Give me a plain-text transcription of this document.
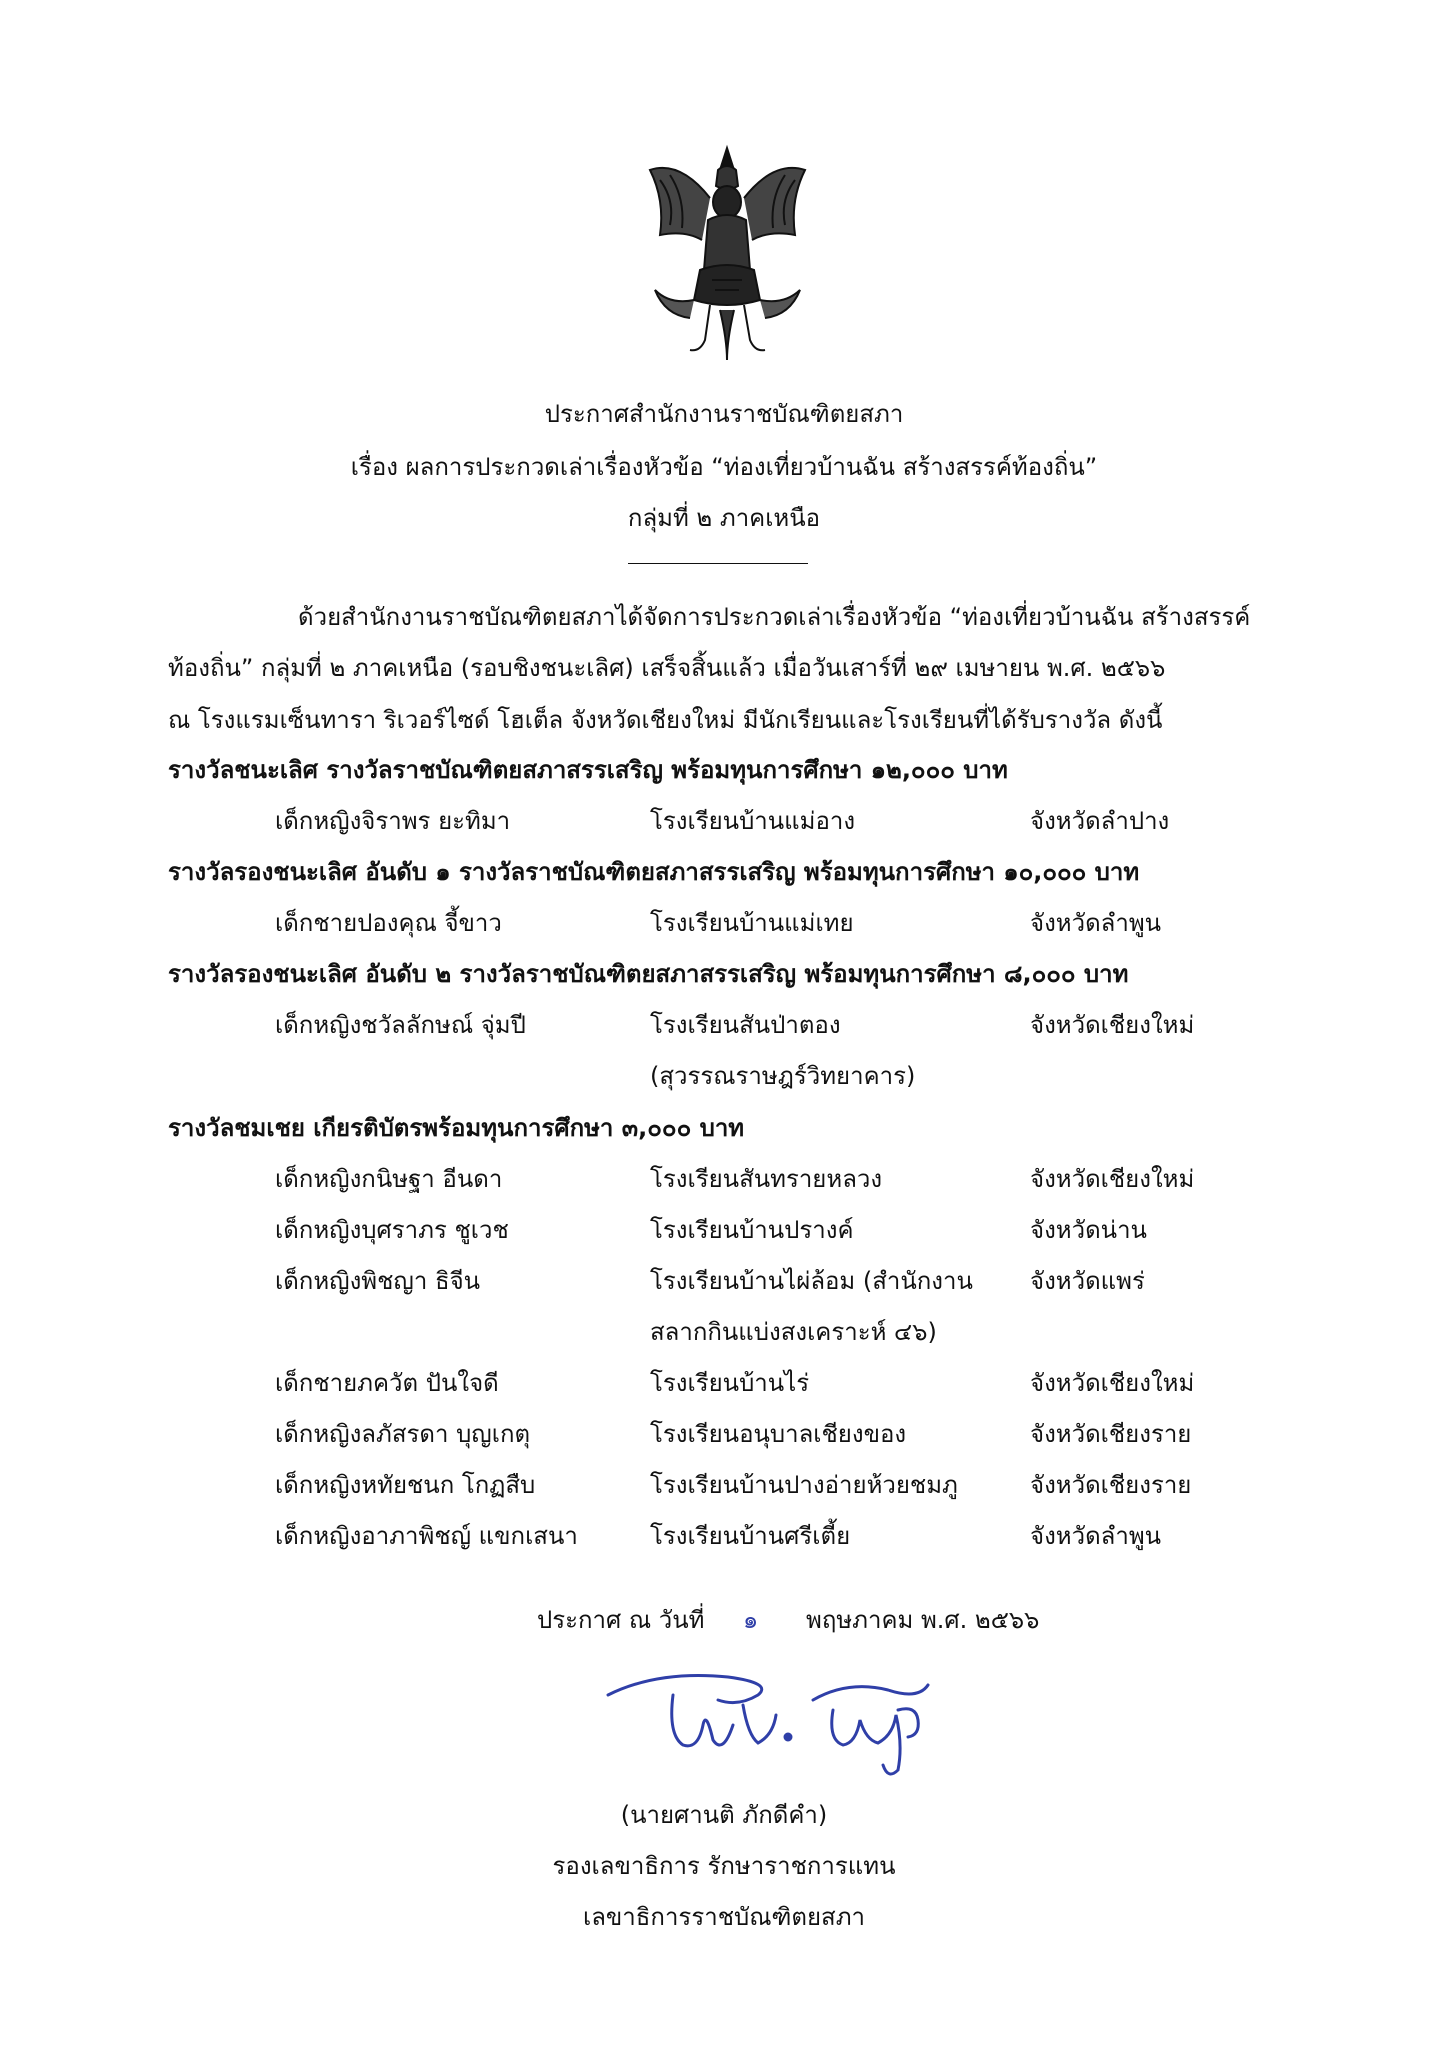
ประกาศสำนักงานราชบัณฑิตยสภา
เรื่อง ผลการประกวดเล่าเรื่องหัวข้อ “ท่องเที่ยวบ้านฉัน สร้างสรรค์ท้องถิ่น”
กลุ่มที่ ๒ ภาคเหนือ
ด้วยสำนักงานราชบัณฑิตยสภาได้จัดการประกวดเล่าเรื่องหัวข้อ “ท่องเที่ยวบ้านฉัน สร้างสรรค์
ท้องถิ่น” กลุ่มที่ ๒ ภาคเหนือ (รอบชิงชนะเลิศ) เสร็จสิ้นแล้ว เมื่อวันเสาร์ที่ ๒๙ เมษายน พ.ศ. ๒๕๖๖
ณ โรงแรมเซ็นทารา ริเวอร์ไซด์ โฮเต็ล จังหวัดเชียงใหม่ มีนักเรียนและโรงเรียนที่ได้รับรางวัล ดังนี้
รางวัลชนะเลิศ รางวัลราชบัณฑิตยสภาสรรเสริญ พร้อมทุนการศึกษา ๑๒,๐๐๐ บาท
เด็กหญิงจิราพร ยะทิมา	โรงเรียนบ้านแม่อาง	จังหวัดลำปาง
รางวัลรองชนะเลิศ อันดับ ๑ รางวัลราชบัณฑิตยสภาสรรเสริญ พร้อมทุนการศึกษา ๑๐,๐๐๐ บาท
เด็กชายปองคุณ จี้ขาว	โรงเรียนบ้านแม่เทย	จังหวัดลำพูน
รางวัลรองชนะเลิศ อันดับ ๒ รางวัลราชบัณฑิตยสภาสรรเสริญ พร้อมทุนการศึกษา ๘,๐๐๐ บาท
เด็กหญิงชวัลลักษณ์ จุ่มปี	โรงเรียนสันป่าตอง	จังหวัดเชียงใหม่
(สุวรรณราษฎร์วิทยาคาร)
รางวัลชมเชย เกียรติบัตรพร้อมทุนการศึกษา ๓,๐๐๐ บาท
เด็กหญิงกนิษฐา อีนดา	โรงเรียนสันทรายหลวง	จังหวัดเชียงใหม่
เด็กหญิงบุศราภร ชูเวช	โรงเรียนบ้านปรางค์	จังหวัดน่าน
เด็กหญิงพิชญา ธิจีน	โรงเรียนบ้านไผ่ล้อม (สำนักงาน จังหวัดแพร่
สลากกินแบ่งสงเคราะห์ ๔๖)
เด็กชายภควัต ปันใจดี	โรงเรียนบ้านไร่	จังหวัดเชียงใหม่
เด็กหญิงลภัสรดา บุญเกตุ	โรงเรียนอนุบาลเชียงของ	จังหวัดเชียงราย
เด็กหญิงหทัยชนก โกฏสืบ	โรงเรียนบ้านปางอ่ายห้วยชมภู	จังหวัดเชียงราย
เด็กหญิงอาภาพิชญ์ แขกเสนา	โรงเรียนบ้านศรีเตี้ย	จังหวัดลำพูน
ประกาศ ณ วันที่ ๑ พฤษภาคม พ.ศ. ๒๕๖๖
(นายศานติ ภักดีคำ)
รองเลขาธิการ รักษาราชการแทน
เลขาธิการราชบัณฑิตยสภา
